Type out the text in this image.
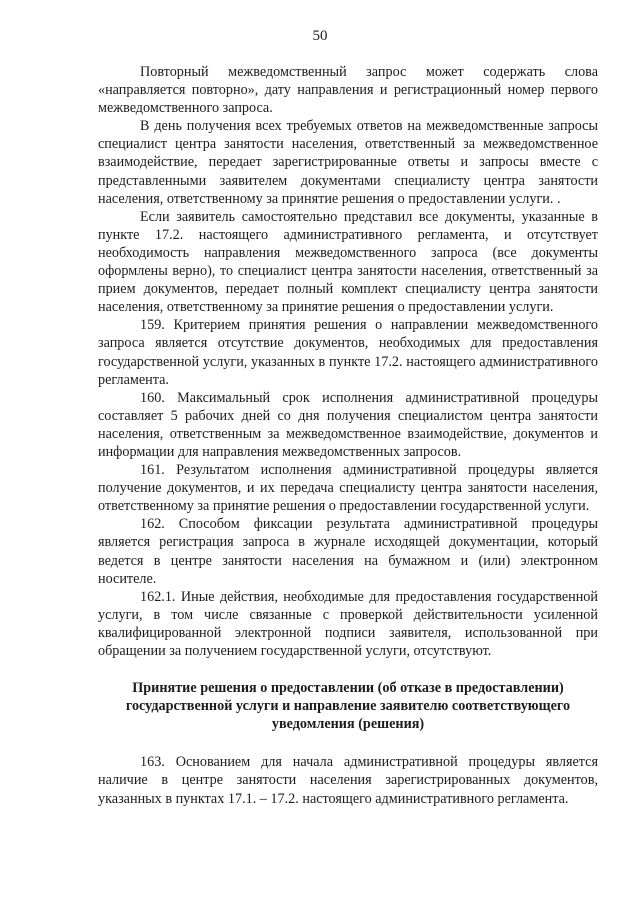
50

Повторный межведомственный запрос может содержать слова «направляется повторно», дату направления и регистрационный номер первого межведомственного запроса.

В день получения всех требуемых ответов на межведомственные запросы специалист центра занятости населения, ответственный за межведомственное взаимодействие, передает зарегистрированные ответы и запросы вместе с представленными заявителем документами специалисту центра занятости населения, ответственному за принятие решения о предоставлении услуги. .

Если заявитель самостоятельно представил все документы, указанные в пункте 17.2. настоящего административного регламента, и отсутствует необходимость направления межведомственного запроса (все документы оформлены верно), то специалист центра занятости населения, ответственный за прием документов, передает полный комплект специалисту центра занятости населения, ответственному за принятие решения о предоставлении услуги.

159. Критерием принятия решения о направлении межведомственного запроса является отсутствие документов, необходимых для предоставления государственной услуги, указанных в пункте 17.2. настоящего административного регламента.

160. Максимальный срок исполнения административной процедуры составляет 5 рабочих дней со дня получения специалистом центра занятости населения, ответственным за межведомственное взаимодействие, документов и информации для направления межведомственных запросов.

161. Результатом исполнения административной процедуры является получение документов, и их передача специалисту центра занятости населения, ответственному за принятие решения о предоставлении государственной услуги.

162. Способом фиксации результата административной процедуры является регистрация запроса в журнале исходящей документации, который ведется в центре занятости населения на бумажном и (или) электронном носителе.

162.1. Иные действия, необходимые для предоставления государственной услуги, в том числе связанные с проверкой действительности усиленной квалифицированной электронной подписи заявителя, использованной при обращении за получением государственной услуги, отсутствуют.

Принятие решения о предоставлении (об отказе в предоставлении)

государственной услуги и направление заявителю соответствующего

уведомления (решения)

163. Основанием для начала административной процедуры является наличие в центре занятости населения зарегистрированных документов, указанных в пунктах 17.1. – 17.2. настоящего административного регламента.
